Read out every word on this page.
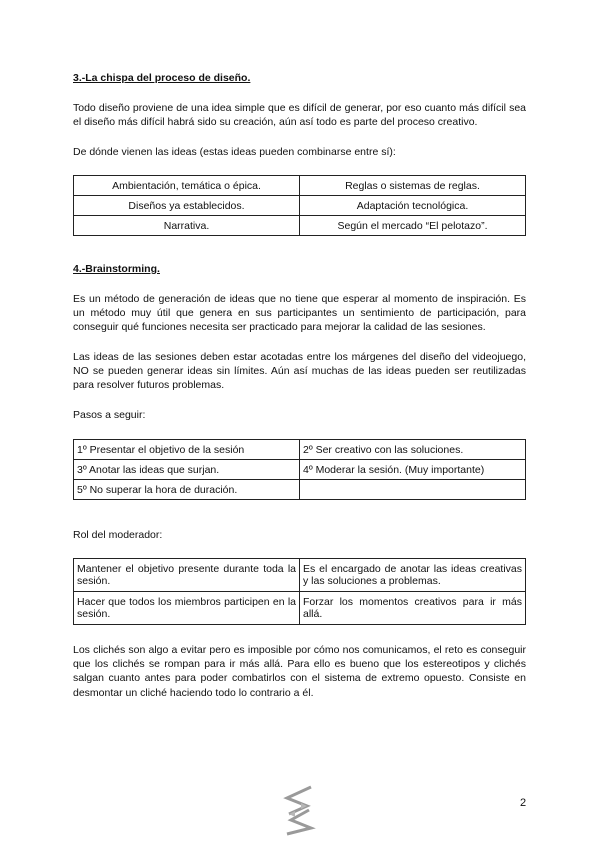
3.-La chispa del proceso de diseño.

Todo diseño proviene de una idea simple que es difícil de generar, por eso cuanto más difícil sea el diseño más difícil habrá sido su creación, aún así todo es parte del proceso creativo.

De dónde vienen las ideas (estas ideas pueden combinarse entre sí):

Ambientación, temática o épica.	Reglas o sistemas de reglas.
Diseños ya establecidos.	Adaptación tecnológica.
Narrativa.	Según el mercado “El pelotazo”.
4.-Brainstorming.

Es un método de generación de ideas que no tiene que esperar al momento de inspiración. Es un método muy útil que genera en sus participantes un sentimiento de participación, para conseguir qué funciones necesita ser practicado para mejorar la calidad de las sesiones.

Las ideas de las sesiones deben estar acotadas entre los márgenes del diseño del videojuego, NO se pueden generar ideas sin límites. Aún así muchas de las ideas pueden ser reutilizadas para resolver futuros problemas.

Pasos a seguir:

1º Presentar el objetivo de la sesión	2º Ser creativo con las soluciones.
3º Anotar las ideas que surjan.	4º Moderar la sesión. (Muy importante)
5º No superar la hora de duración.	

Rol del moderador:

Mantener el objetivo presente durante toda la sesión.	Es el encargado de anotar las ideas creativas y las soluciones a problemas.
Hacer que todos los miembros participen en la sesión.	Forzar los momentos creativos para ir más allá.

Los clichés son algo a evitar pero es imposible por cómo nos comunicamos, el reto es conseguir que los clichés se rompan para ir más allá. Para ello es bueno que los estereotipos y clichés salgan cuanto antes para poder combatirlos con el sistema de extremo opuesto. Consiste en desmontar un cliché haciendo todo lo contrario a él.

2
